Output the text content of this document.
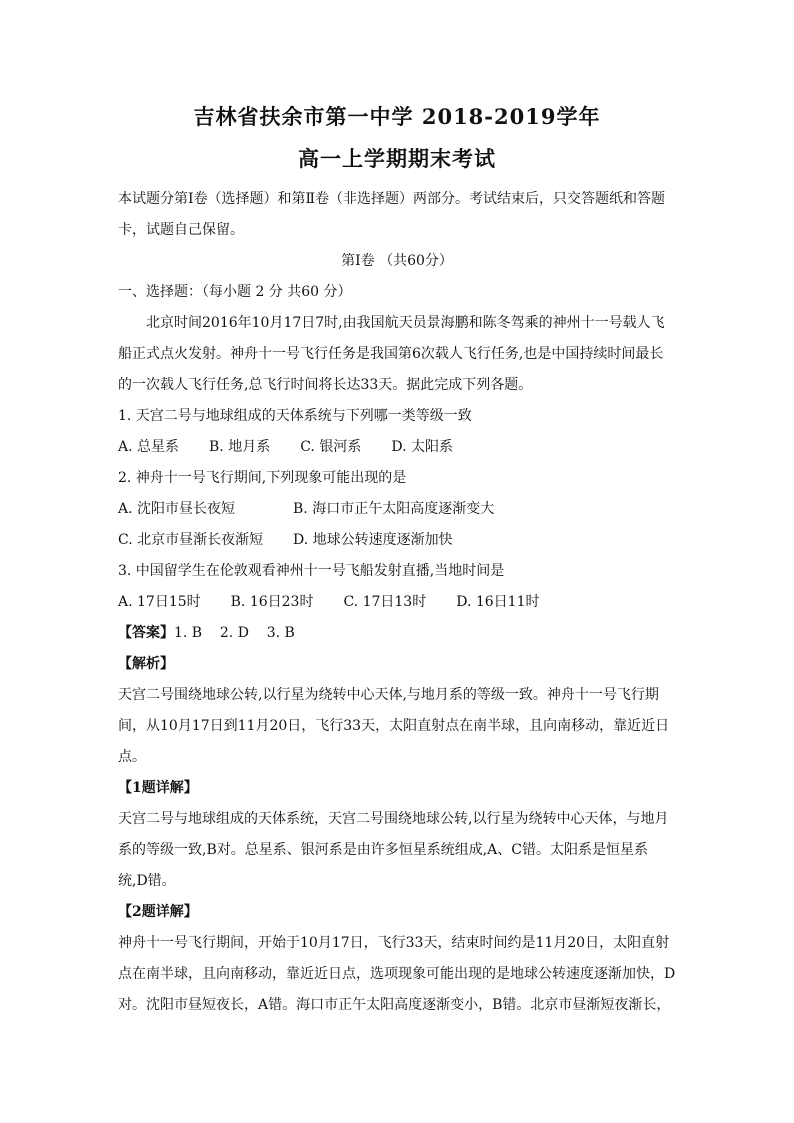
吉林省扶余市第一中学 2018-2019学年
高一上学期期末考试

本试题分第Ⅰ卷（选择题）和第Ⅱ卷（非选择题）两部分。考试结束后，只交答题纸和答题卡，试题自己保留。

第Ⅰ卷 （共60分）

一、选择题：（每小题 2 分 共60 分）

北京时间2016年10月17日7时,由我国航天员景海鹏和陈冬驾乘的神州十一号载人飞船正式点火发射。神舟十一号飞行任务是我国第6次载人飞行任务,也是中国持续时间最长的一次载人飞行任务,总飞行时间将长达33天。据此完成下列各题。

1. 天宫二号与地球组成的天体系统与下列哪一类等级一致

A. 总星系 B. 地月系 C. 银河系 D. 太阳系

2. 神舟十一号飞行期间,下列现象可能出现的是

A. 沈阳市昼长夜短	B. 海口市正午太阳高度逐渐变大
C. 北京市昼渐长夜渐短	D. 地球公转速度逐渐加快

3. 中国留学生在伦敦观看神州十一号飞船发射直播,当地时间是

A. 17日15时 B. 16日23时 C. 17日13时 D. 16日11时

【答案】1. B    2. D    3. B

【解析】

天宫二号围绕地球公转,以行星为绕转中心天体,与地月系的等级一致。神舟十一号飞行期间，从10月17日到11月20日，飞行33天，太阳直射点在南半球，且向南移动，靠近近日点。

【1题详解】

天宫二号与地球组成的天体系统，天宫二号围绕地球公转,以行星为绕转中心天体，与地月系的等级一致,B对。总星系、银河系是由许多恒星系统组成,A、C错。太阳系是恒星系统,D错。

【2题详解】

神舟十一号飞行期间，开始于10月17日，飞行33天，结束时间约是11月20日，太阳直射点在南半球，且向南移动，靠近近日点，选项现象可能出现的是地球公转速度逐渐加快，D对。沈阳市昼短夜长，A错。海口市正午太阳高度逐渐变小，B错。北京市昼渐短夜渐长，
